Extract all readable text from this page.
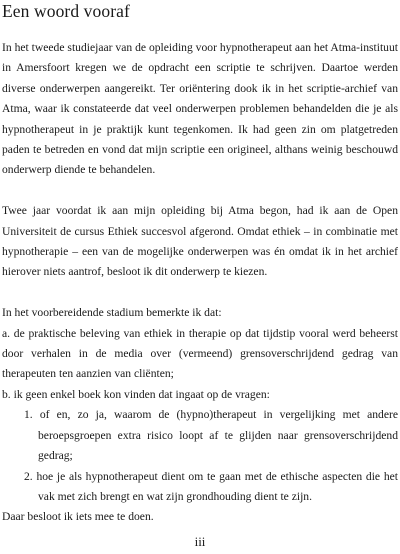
Een woord vooraf

In het tweede studiejaar van de opleiding voor hypnotherapeut aan het Atma-instituut in Amersfoort kregen we de opdracht een scriptie te schrijven. Daartoe werden diverse onderwerpen aangereikt. Ter oriëntering dook ik in het scriptie-archief van Atma, waar ik constateerde dat veel onderwerpen problemen behandelden die je als hypnotherapeut in je praktijk kunt tegenkomen. Ik had geen zin om platgetreden paden te betreden en vond dat mijn scriptie een origineel, althans weinig beschouwd onderwerp diende te behandelen.

Twee jaar voordat ik aan mijn opleiding bij Atma begon, had ik aan de Open Universiteit de cursus Ethiek succesvol afgerond. Omdat ethiek – in combinatie met hypnotherapie – een van de mogelijke onderwerpen was én omdat ik in het archief hierover niets aantrof, besloot ik dit onderwerp te kiezen.

In het voorbereidende stadium bemerkte ik dat:

a. de praktische beleving van ethiek in therapie op dat tijdstip vooral werd beheerst door verhalen in de media over (vermeend) grensoverschrijdend gedrag van therapeuten ten aanzien van cliënten;

b. ik geen enkel boek kon vinden dat ingaat op de vragen:

1. of en, zo ja, waarom de (hypno)therapeut in vergelijking met andere beroepsgroepen extra risico loopt af te glijden naar grensoverschrijdend gedrag;

2. hoe je als hypnotherapeut dient om te gaan met de ethische aspecten die het vak met zich brengt en wat zijn grondhouding dient te zijn.

Daar besloot ik iets mee te doen.

iii
